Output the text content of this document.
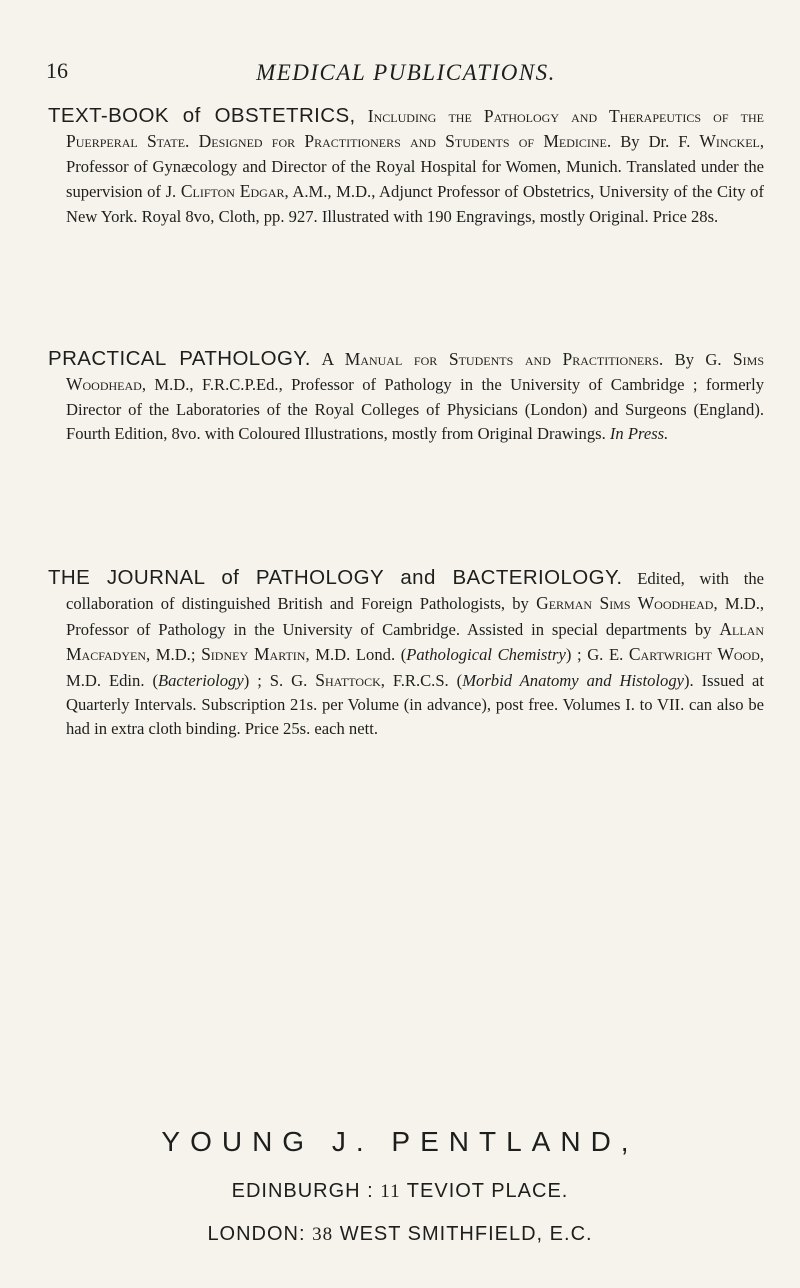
16	MEDICAL PUBLICATIONS.
TEXT-BOOK of OBSTETRICS, Including the Pathology and Therapeutics of the Puerperal State. Designed for Practitioners and Students of Medicine. By Dr. F. Winckel, Professor of Gynæcology and Director of the Royal Hospital for Women, Munich. Translated under the supervision of J. Clifton Edgar, A.M., M.D., Adjunct Professor of Obstetrics, University of the City of New York. Royal 8vo, Cloth, pp. 927. Illustrated with 190 Engravings, mostly Original. Price 28s.
PRACTICAL PATHOLOGY. A Manual for Students and Practitioners. By G. Sims Woodhead, M.D., F.R.C.P.Ed., Professor of Pathology in the University of Cambridge ; formerly Director of the Laboratories of the Royal Colleges of Physicians (London) and Surgeons (England). Fourth Edition, 8vo. with Coloured Illustrations, mostly from Original Drawings. In Press.
THE JOURNAL of PATHOLOGY and BACTERIOLOGY. Edited, with the collaboration of distinguished British and Foreign Pathologists, by German Sims Woodhead, M.D., Professor of Pathology in the University of Cambridge. Assisted in special departments by Allan Macfadyen, M.D.; Sidney Martin, M.D. Lond. (Pathological Chemistry) ; G. E. Cartwright Wood, M.D. Edin. (Bacteriology) ; S. G. Shattock, F.R.C.S. (Morbid Anatomy and Histology). Issued at Quarterly Intervals. Subscription 21s. per Volume (in advance), post free. Volumes I. to VII. can also be had in extra cloth binding. Price 25s. each nett.
YOUNG J. PENTLAND,
EDINBURGH : 11 TEVIOT PLACE.
LONDON: 38 WEST SMITHFIELD, E.C.
